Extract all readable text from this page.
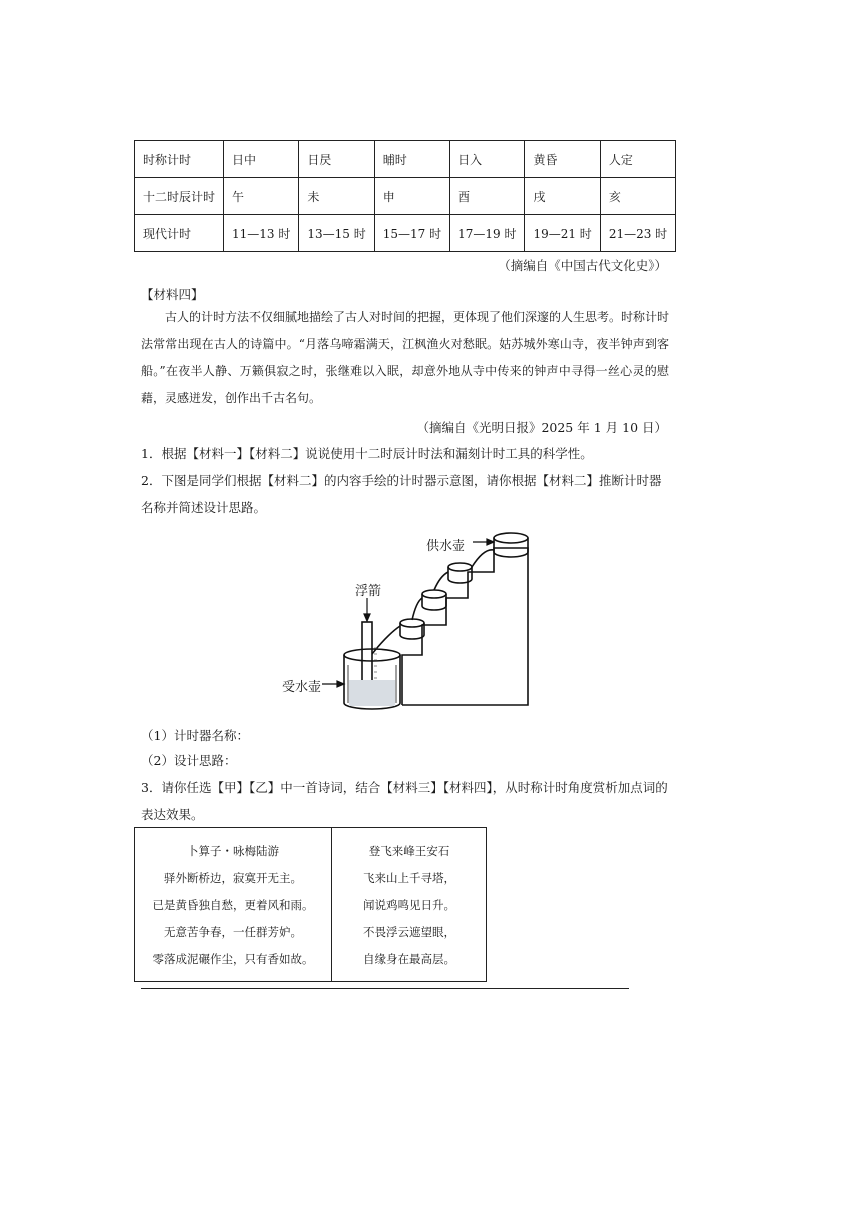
时称计时	日中	日昃	晡时	日入	黄昏	人定
十二时辰计时	午	未	申	酉	戌	亥
现代计时	11—13 时	13—15 时	15—17 时	17—19 时	19—21 时	21—23 时
（摘编自《中国古代文化史》）
【材料四】
古人的计时方法不仅细腻地描绘了古人对时间的把握，更体现了他们深邃的人生思考。时称计时法常常出现在古人的诗篇中。“月落乌啼霜满天，江枫渔火对愁眠。姑苏城外寒山寺，夜半钟声到客船。”在夜半人静、万籁俱寂之时，张继难以入眠，却意外地从寺中传来的钟声中寻得一丝心灵的慰藉，灵感迸发，创作出千古名句。
（摘编自《光明日报》2025 年 1 月 10 日）
1．根据【材料一】【材料二】说说使用十二时辰计时法和漏刻计时工具的科学性。
2．下图是同学们根据【材料二】的内容手绘的计时器示意图，请你根据【材料二】推断计时器名称并简述设计思路。
供水壶
浮箭
受水壶
（1）计时器名称：
（2）设计思路：
3．请你任选【甲】【乙】中一首诗词，结合【材料三】【材料四】，从时称计时角度赏析加点词的表达效果。
卜算子・咏梅陆游
驿外断桥边，寂寞开无主。
已是黄昏独自愁，更着风和雨。
无意苦争春，一任群芳妒。
零落成泥碾作尘，只有香如故。

登飞来峰王安石
飞来山上千寻塔，
闻说鸡鸣见日升。
不畏浮云遮望眼，
自缘身在最高层。
